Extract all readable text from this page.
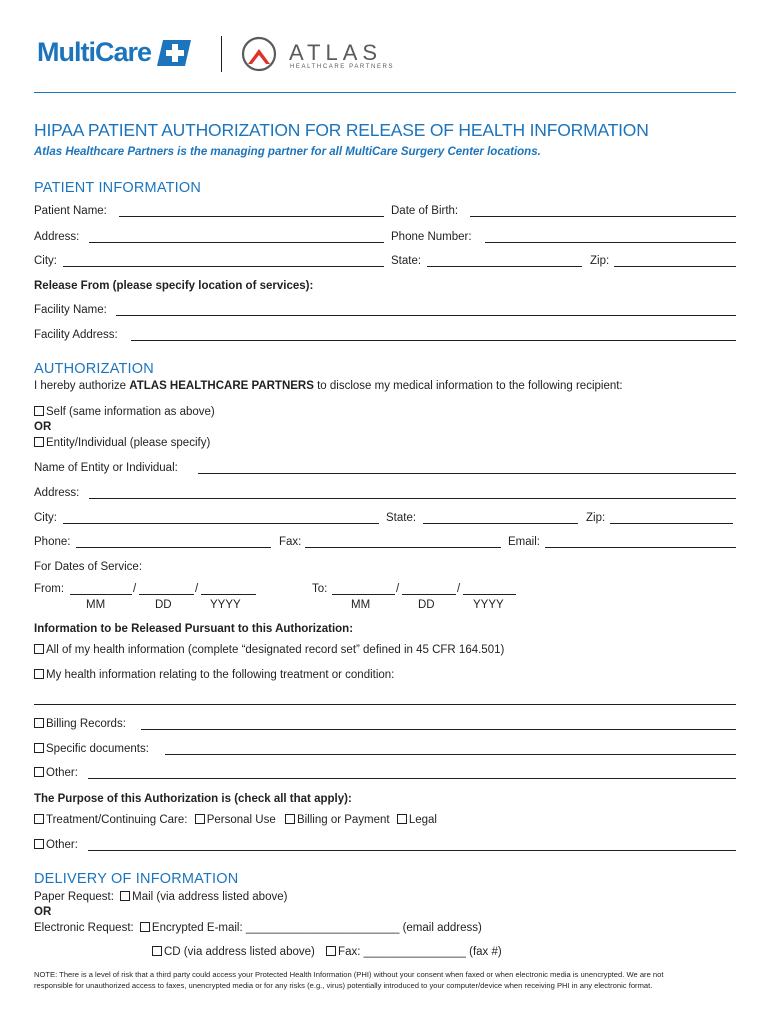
MultiCare	ATLAS
HEALTHCARE PARTNERS
HIPAA PATIENT AUTHORIZATION FOR RELEASE OF HEALTH INFORMATION
Atlas Healthcare Partners is the managing partner for all MultiCare Surgery Center locations.
PATIENT INFORMATION
Patient Name:	Date of Birth:
Address:	Phone Number:
City:	State:	Zip:
Release From (please specify location of services):
Facility Name:
Facility Address:
AUTHORIZATION
I hereby authorize ATLAS HEALTHCARE PARTNERS to disclose my medical information to the following recipient:
Self (same information as above)
OR
Entity/Individual (please specify)
Name of Entity or Individual:
Address:
City:	State:	Zip:
Phone:	Fax:	Email:
For Dates of Service:
From:	/	/
MM	DD	YYYY
To:	/	/
MM	DD	YYYY
Information to be Released Pursuant to this Authorization:
All of my health information (complete “designated record set” defined in 45 CFR 164.501)
My health information relating to the following treatment or condition:
Billing Records:
Specific documents:
Other:
The Purpose of this Authorization is (check all that apply):
Treatment/Continuing Care: Personal Use Billing or Payment Legal
Other:
DELIVERY OF INFORMATION
Paper Request: Mail (via address listed above)
OR
Electronic Request: Encrypted E-mail: ________________________ (email address)
CD (via address listed above) Fax: ________________ (fax #)
NOTE: There is a level of risk that a third party could access your Protected Health Information (PHI) without your consent when faxed or when electronic media is unencrypted. We are not
responsible for unauthorized access to faxes, unencrypted media or for any risks (e.g., virus) potentially introduced to your computer/device when receiving PHI in any electronic format.
